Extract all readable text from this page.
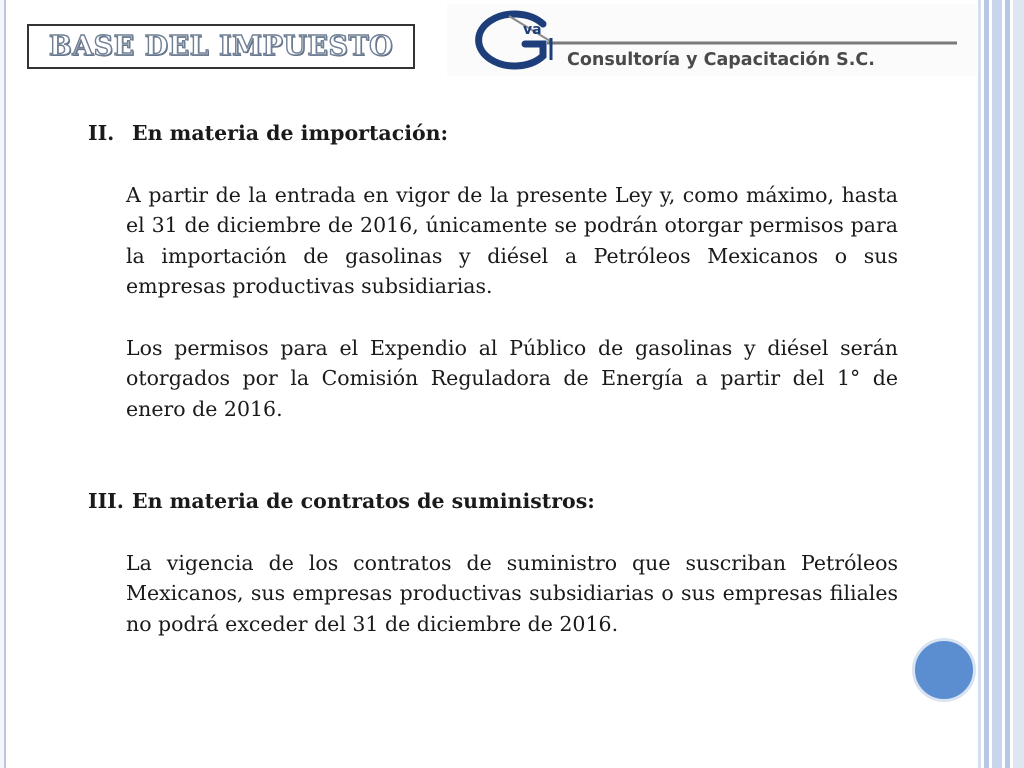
BASE DEL IMPUESTO
va
Consultoría y Capacitación S.C.
II. En materia de importación:

A partir de la entrada en vigor de la presente Ley y, como máximo, hasta el 31 de diciembre de 2016, únicamente se podrán otorgar permisos para la importación de gasolinas y diésel a Petróleos Mexicanos o sus empresas productivas subsidiarias.

Los permisos para el Expendio al Público de gasolinas y diésel serán otorgados por la Comisión Reguladora de Energía a partir del 1° de enero de 2016.

III. En materia de contratos de suministros:

La vigencia de los contratos de suministro que suscriban Petróleos Mexicanos, sus empresas productivas subsidiarias o sus empresas filiales no podrá exceder del 31 de diciembre de 2016.
